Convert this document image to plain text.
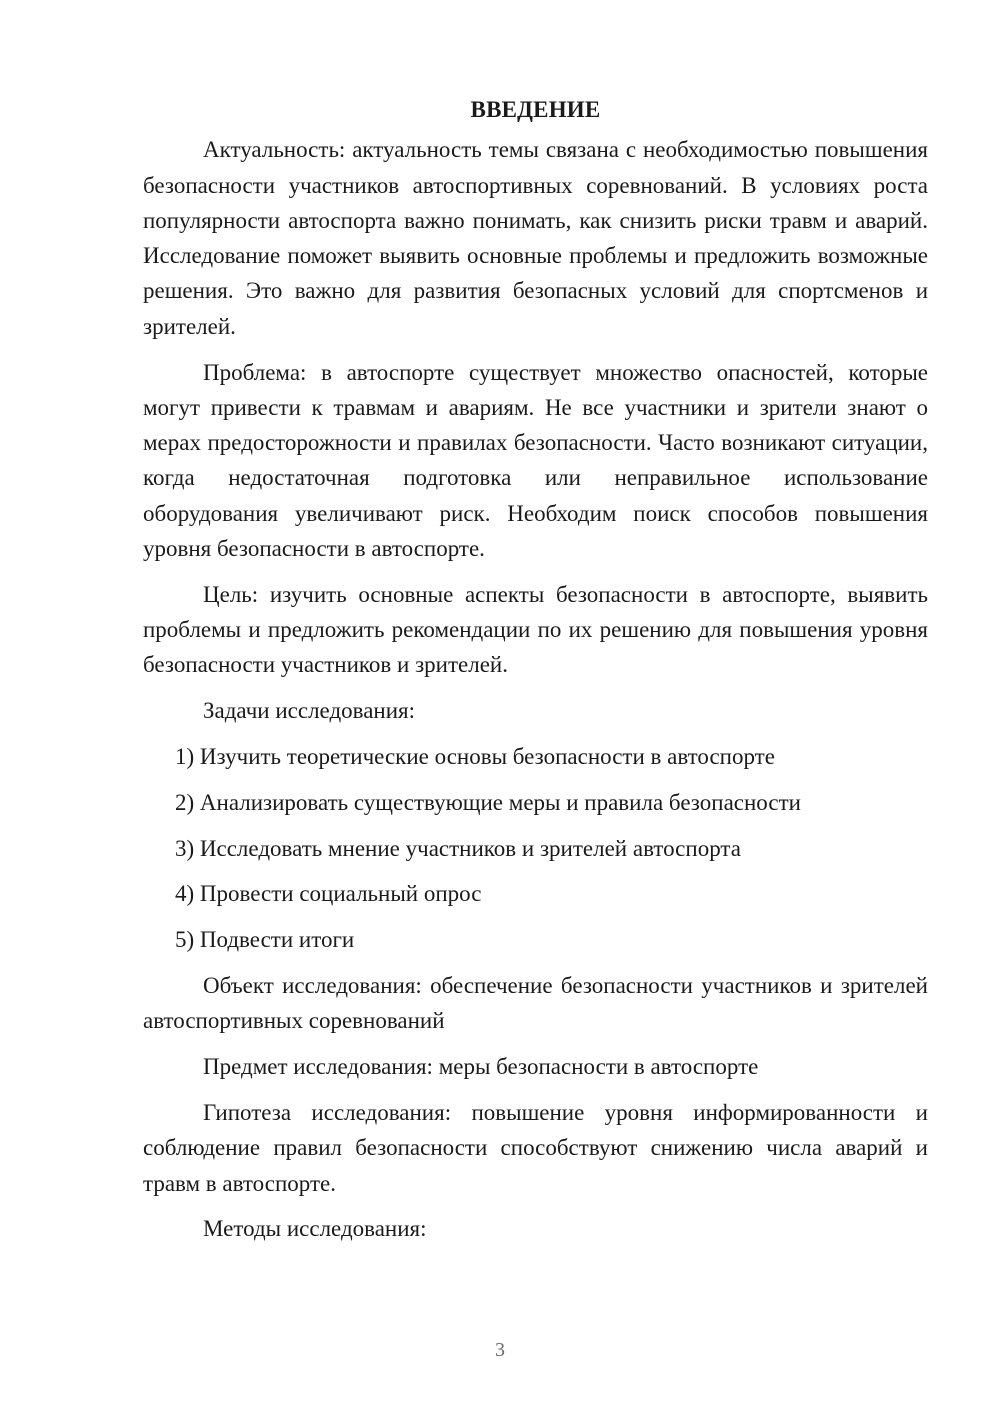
ВВЕДЕНИЕ

Актуальность: актуальность темы связана с необходимостью повышения безопасности участников автоспортивных соревнований. В условиях роста популярности автоспорта важно понимать, как снизить риски травм и аварий. Исследование поможет выявить основные проблемы и предложить возможные решения. Это важно для развития безопасных условий для спортсменов и зрителей.

Проблема: в автоспорте существует множество опасностей, которые могут привести к травмам и авариям. Не все участники и зрители знают о мерах предосторожности и правилах безопасности. Часто возникают ситуации, когда недостаточная подготовка или неправильное использование оборудования увеличивают риск. Необходим поиск способов повышения уровня безопасности в автоспорте.

Цель: изучить основные аспекты безопасности в автоспорте, выявить проблемы и предложить рекомендации по их решению для повышения уровня безопасности участников и зрителей.

Задачи исследования:

1) Изучить теоретические основы безопасности в автоспорте

2) Анализировать существующие меры и правила безопасности

3) Исследовать мнение участников и зрителей автоспорта

4) Провести социальный опрос

5) Подвести итоги

Объект исследования: обеспечение безопасности участников и зрителей автоспортивных соревнований

Предмет исследования: меры безопасности в автоспорте

Гипотеза исследования: повышение уровня информированности и соблюдение правил безопасности способствуют снижению числа аварий и травм в автоспорте.

Методы исследования:

3
